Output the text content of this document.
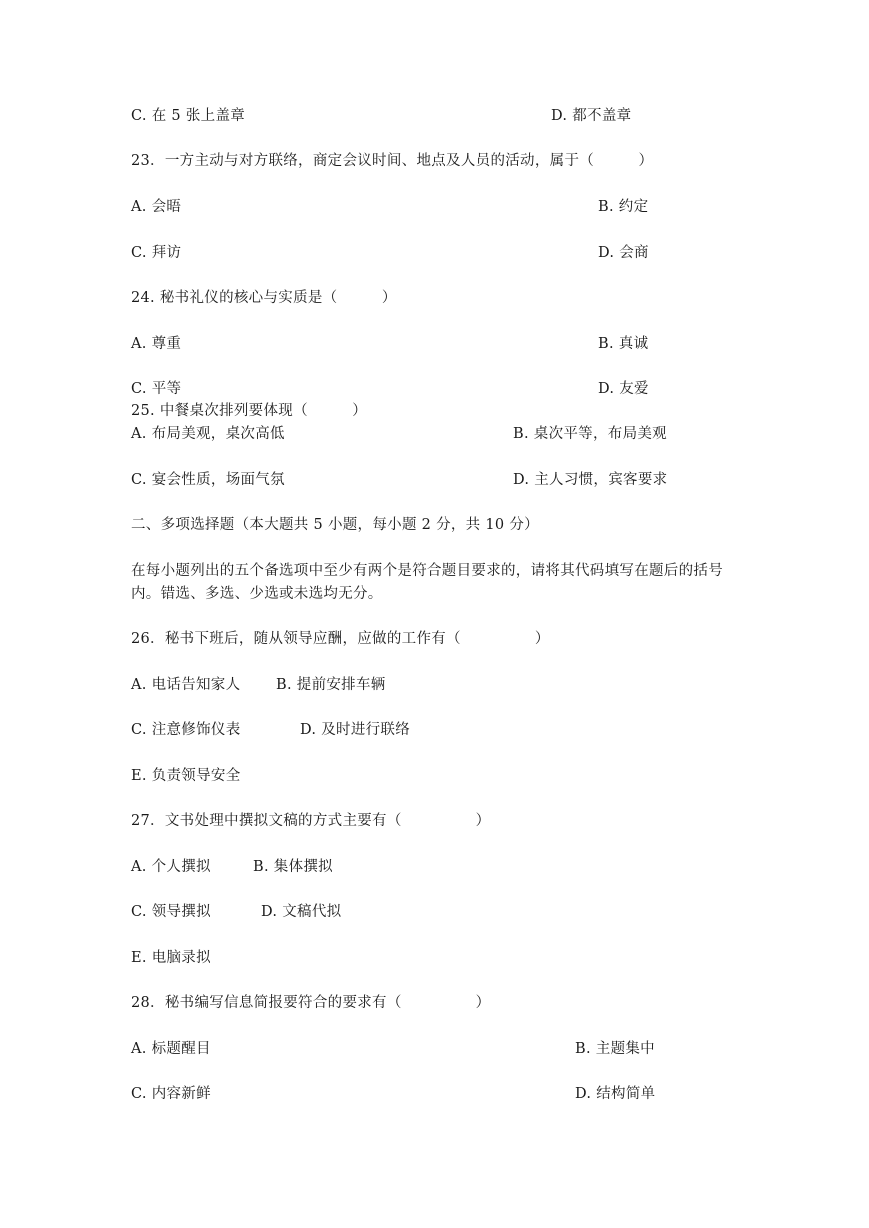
C. 在 5 张上盖章	D. 都不盖章
23．一方主动与对方联络，商定会议时间、地点及人员的活动，属于（　　　）
A. 会晤	B. 约定
C. 拜访	D. 会商
24. 秘书礼仪的核心与实质是（　　　）
A. 尊重	B. 真诚
C. 平等	D. 友爱
25. 中餐桌次排列要体现（　　　）
A. 布局美观，桌次高低	B. 桌次平等，布局美观
C. 宴会性质，场面气氛	D. 主人习惯，宾客要求
二、多项选择题（本大题共 5 小题，每小题 2 分，共 10 分）
在每小题列出的五个备选项中至少有两个是符合题目要求的，请将其代码填写在题后的括号内。错选、多选、少选或未选均无分。
26．秘书下班后，随从领导应酬，应做的工作有（　　　　　）
A. 电话告知家人 B. 提前安排车辆
C. 注意修饰仪表	D. 及时进行联络
E. 负责领导安全
27．文书处理中撰拟文稿的方式主要有（　　　　　）
A. 个人撰拟	B. 集体撰拟
C. 领导撰拟	D. 文稿代拟
E. 电脑录拟
28．秘书编写信息简报要符合的要求有（　　　　　）
A. 标题醒目	B. 主题集中
C. 内容新鲜	D. 结构简单
